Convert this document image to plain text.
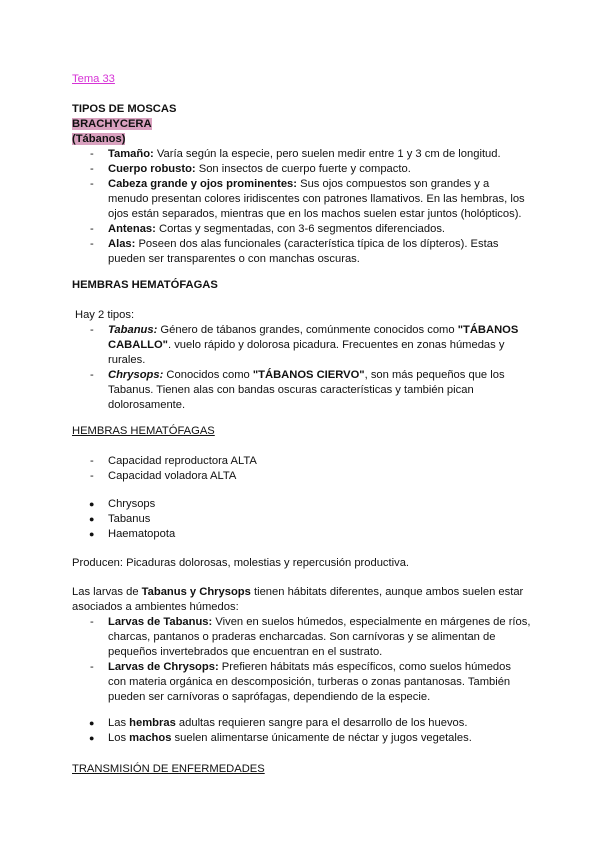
Tema 33

TIPOS DE MOSCAS

BRACHYCERA

(Tábanos)

- Tamaño: Varía según la especie, pero suelen medir entre 1 y 3 cm de longitud.
- Cuerpo robusto: Son insectos de cuerpo fuerte y compacto.
- Cabeza grande y ojos prominentes: Sus ojos compuestos son grandes y a menudo presentan colores iridiscentes con patrones llamativos. En las hembras, los ojos están separados, mientras que en los machos suelen estar juntos (holópticos).
- Antenas: Cortas y segmentadas, con 3-6 segmentos diferenciados.
- Alas: Poseen dos alas funcionales (característica típica de los dípteros). Estas pueden ser transparentes o con manchas oscuras.

HEMBRAS HEMATÓFAGAS

Hay 2 tipos:

- Tabanus: Género de tábanos grandes, comúnmente conocidos como "TÁBANOS CABALLO". vuelo rápido y dolorosa picadura. Frecuentes en zonas húmedas y rurales.
- Chrysops: Conocidos como "TÁBANOS CIERVO", son más pequeños que los Tabanus. Tienen alas con bandas oscuras características y también pican dolorosamente.

HEMBRAS HEMATÓFAGAS

- Capacidad reproductora ALTA
- Capacidad voladora ALTA
● Chrysops
● Tabanus
● Haematopota

Producen: Picaduras dolorosas, molestias y repercusión productiva.

Las larvas de Tabanus y Chrysops tienen hábitats diferentes, aunque ambos suelen estar asociados a ambientes húmedos:

- Larvas de Tabanus: Viven en suelos húmedos, especialmente en márgenes de ríos, charcas, pantanos o praderas encharcadas. Son carnívoras y se alimentan de pequeños invertebrados que encuentran en el sustrato.
- Larvas de Chrysops: Prefieren hábitats más específicos, como suelos húmedos con materia orgánica en descomposición, turberas o zonas pantanosas. También pueden ser carnívoras o saprófagas, dependiendo de la especie.
● Las hembras adultas requieren sangre para el desarrollo de los huevos.
● Los machos suelen alimentarse únicamente de néctar y jugos vegetales.

TRANSMISIÓN DE ENFERMEDADES
